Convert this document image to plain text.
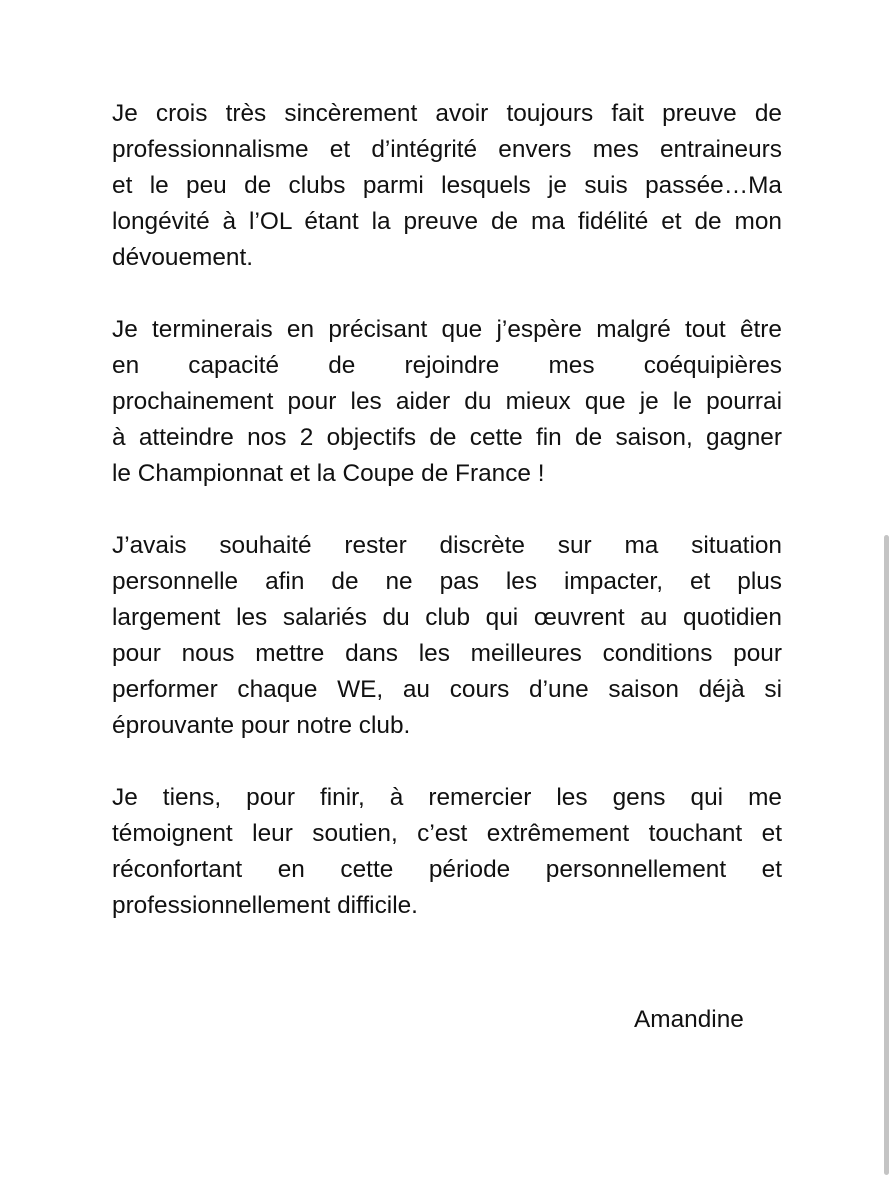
Je crois très sincèrement avoir toujours fait preuve de
professionnalisme et d’intégrité envers mes entraineurs
et le peu de clubs parmi lesquels je suis passée…Ma
longévité à l’OL étant la preuve de ma fidélité et de mon
dévouement.

Je terminerais en précisant que j’espère malgré tout être
en capacité de rejoindre mes coéquipières
prochainement pour les aider du mieux que je le pourrai
à atteindre nos 2 objectifs de cette fin de saison, gagner
le Championnat et la Coupe de France !

J’avais souhaité rester discrète sur ma situation
personnelle afin de ne pas les impacter, et plus
largement les salariés du club qui œuvrent au quotidien
pour nous mettre dans les meilleures conditions pour
performer chaque WE, au cours d’une saison déjà si
éprouvante pour notre club.

Je tiens, pour finir, à remercier les gens qui me
témoignent leur soutien, c’est extrêmement touchant et
réconfortant en cette période personnellement et
professionnellement difficile.

Amandine
